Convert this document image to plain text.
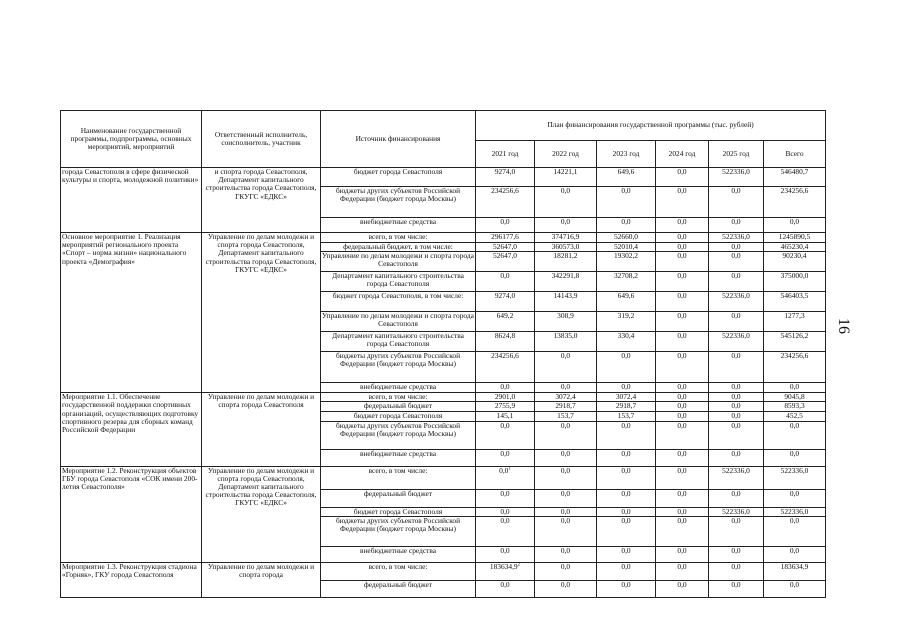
Наименование государственной программы, подпрограммы, основных мероприятий, мероприятий	Ответственный исполнитель, соисполнитель, участник	Источник финансирования	План финансирования государственной программы (тыс. рублей)					
			2021 год	2022 год	2023 год	2024 год	2025 год	Всего
города Севастополя в сфере физической культуры и спорта, молодежной политики»	и спорта города Севастополя, Департамент капитального строительства города Севастополя, ГКУГС «ЕДКС»	бюджет города Севастополя	9274,0	14221,1	649,6	0,0	522336,0	546480,7
		бюджеты других субъектов Российской Федерации (бюджет города Москвы)	234256,6	0,0	0,0	0,0	0,0	234256,6
		внебюджетные средства	0,0	0,0	0,0	0,0	0,0	0,0
Основное мероприятие 1. Реализация мероприятий регионального проекта «Спорт – норма жизни» национального проекта «Демография»	Управление по делам молодежи и спорта города Севастополя, Департамент капитального строительства города Севастополя, ГКУГС «ЕДКС»	всего, в том числе:	296177,6	374716,9	52660,0	0,0	522336,0	1245890,5
		федеральный бюджет, в том числе:	52647,0	360573,0	52010,4	0,0	0,0	465230,4
		Управление по делам молодежи и спорта города Севастополя	52647,0	18281,2	19302,2	0,0	0,0	90230,4
		Департамент капитального строительства города Севастополя	0,0	342291,8	32708,2	0,0	0,0	375000,0
		бюджет города Севастополя, в том числе:	9274,0	14143,9	649,6	0,0	522336,0	546403,5
		Управление по делам молодежи и спорта города Севастополя	649,2	308,9	319,2	0,0	0,0	1277,3
		Департамент капитального строительства города Севастополя	8624,8	13835,0	330,4	0,0	522336,0	545126,2
		бюджеты других субъектов Российской Федерации (бюджет города Москвы)	234256,6	0,0	0,0	0,0	0,0	234256,6
		внебюджетные средства	0,0	0,0	0,0	0,0	0,0	0,0
Мероприятие 1.1. Обеспечение государственной поддержки спортивных организаций, осуществляющих подготовку спортивного резерва для сборных команд Российской Федерации	Управление по делам молодежи и спорта города Севастополя	всего, в том числе:	2901,0	3072,4	3072,4	0,0	0,0	9045,8
		федеральный бюджет	2755,9	2918,7	2918,7	0,0	0,0	8593,3
		бюджет города Севастополя	145,1	153,7	153,7	0,0	0,0	452,5
		бюджеты других субъектов Российской Федерации (бюджет города Москвы)	0,0	0,0	0,0	0,0	0,0	0,0
		внебюджетные средства	0,0	0,0	0,0	0,0	0,0	0,0
Мероприятие 1.2. Реконструкция объектов ГБУ города Севастополя «СОК имени 200-летия Севастополя»	Управление по делам молодежи и спорта города Севастополя, Департамент капитального строительства города Севастополя, ГКУГС «ЕДКС»	всего, в том числе:	$0,0^1$	0,0	0,0	0,0	522336,0	522336,0
		федеральный бюджет	0,0	0,0	0,0	0,0	0,0	0,0
		бюджет города Севастополя	0,0	0,0	0,0	0,0	522336,0	522336,0
		бюджеты других субъектов Российской Федерации (бюджет города Москвы)	0,0	0,0	0,0	0,0	0,0	0,0
		внебюджетные средства	0,0	0,0	0,0	0,0	0,0	0,0
Мероприятие 1.3. Реконструкция стадиона «Горняк», ГКУ города Севастополя	Управление по делам молодежи и спорта города	всего, в том числе:	183634,9$^2$	0,0	0,0	0,0	0,0	183634,9
		федеральный бюджет	0,0	0,0	0,0	0,0	0,0	0,0
16
